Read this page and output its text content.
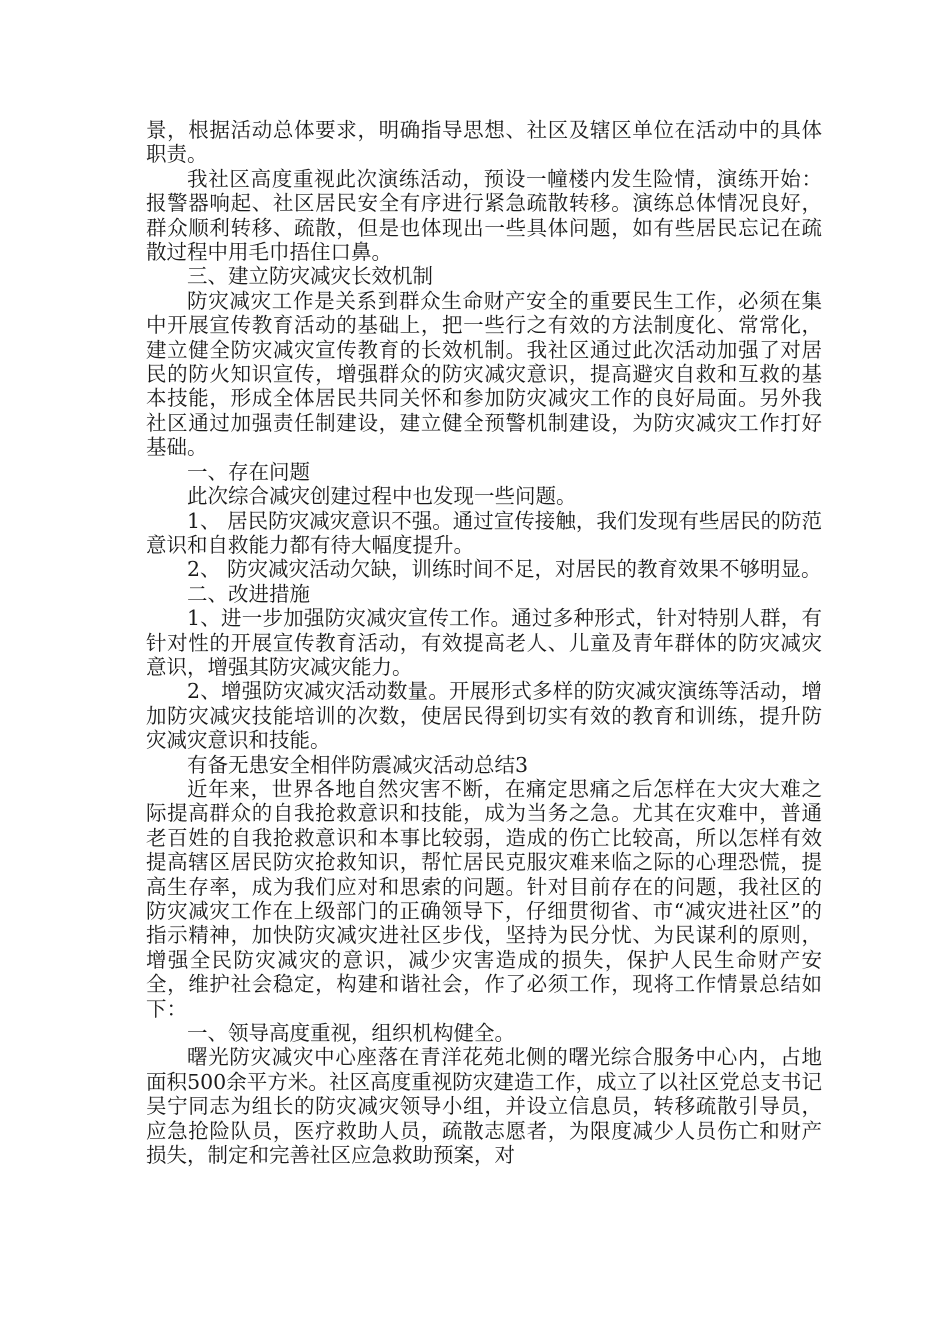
景，根据活动总体要求，明确指导思想、社区及辖区单位在活动中的具体职责。

我社区高度重视此次演练活动，预设一幢楼内发生险情，演练开始：报警器响起、社区居民安全有序进行紧急疏散转移。演练总体情况良好，群众顺利转移、疏散，但是也体现出一些具体问题，如有些居民忘记在疏散过程中用毛巾捂住口鼻。

三、建立防灾减灾长效机制

防灾减灾工作是关系到群众生命财产安全的重要民生工作，必须在集中开展宣传教育活动的基础上，把一些行之有效的方法制度化、常常化，建立健全防灾减灾宣传教育的长效机制。我社区通过此次活动加强了对居民的防火知识宣传，增强群众的防灾减灾意识，提高避灾自救和互救的基本技能，形成全体居民共同关怀和参加防灾减灾工作的良好局面。另外我社区通过加强责任制建设，建立健全预警机制建设，为防灾减灾工作打好基础。

一、存在问题

此次综合减灾创建过程中也发现一些问题。

1、 居民防灾减灾意识不强。通过宣传接触，我们发现有些居民的防范意识和自救能力都有待大幅度提升。

2、 防灾减灾活动欠缺，训练时间不足，对居民的教育效果不够明显。

二、改进措施

1、进一步加强防灾减灾宣传工作。通过多种形式，针对特别人群，有针对性的开展宣传教育活动，有效提高老人、儿童及青年群体的防灾减灾意识，增强其防灾减灾能力。

2、增强防灾减灾活动数量。开展形式多样的防灾减灾演练等活动，增加防灾减灾技能培训的次数，使居民得到切实有效的教育和训练，提升防灾减灾意识和技能。

有备无患安全相伴防震减灾活动总结3

近年来，世界各地自然灾害不断，在痛定思痛之后怎样在大灾大难之际提高群众的自我抢救意识和技能，成为当务之急。尤其在灾难中，普通老百姓的自我抢救意识和本事比较弱，造成的伤亡比较高，所以怎样有效提高辖区居民防灾抢救知识，帮忙居民克服灾难来临之际的心理恐慌，提高生存率，成为我们应对和思索的问题。针对目前存在的问题，我社区的防灾减灾工作在上级部门的正确领导下，仔细贯彻省、市“减灾进社区”的指示精神，加快防灾减灾进社区步伐，坚持为民分忧、为民谋利的原则，增强全民防灾减灾的意识，减少灾害造成的损失，保护人民生命财产安全，维护社会稳定，构建和谐社会，作了必须工作，现将工作情景总结如下：

一、领导高度重视，组织机构健全。

曙光防灾减灾中心座落在青洋花苑北侧的曙光综合服务中心内，占地面积500余平方米。社区高度重视防灾建造工作，成立了以社区党总支书记吴宁同志为组长的防灾减灾领导小组，并设立信息员，转移疏散引导员，应急抢险队员，医疗救助人员，疏散志愿者，为限度减少人员伤亡和财产损失，制定和完善社区应急救助预案，对
